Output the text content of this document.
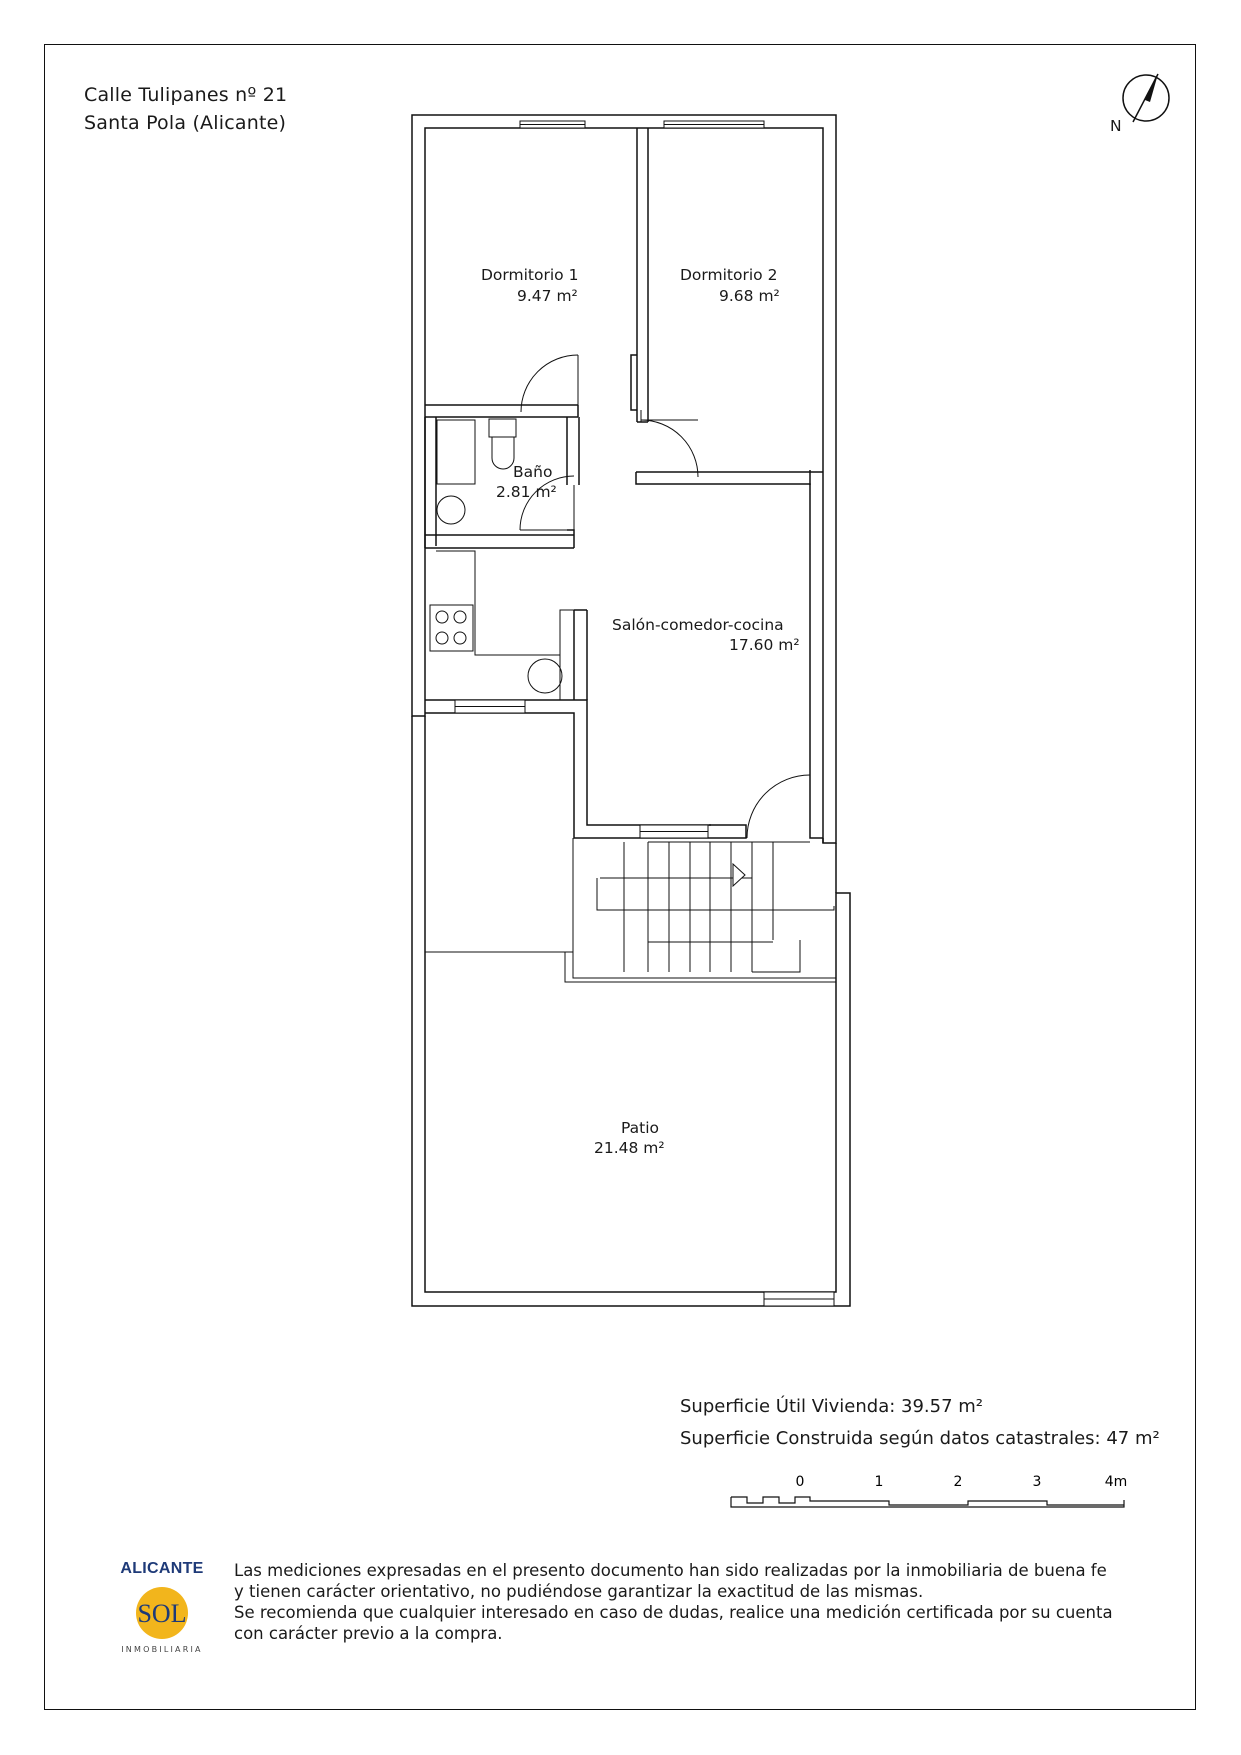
Calle Tulipanes nº 21
Santa Pola (Alicante)	N
Dormitorio 1
9.47 m²
Dormitorio 2
9.68 m²
Baño
2.81 m²
Salón-comedor-cocina
17.60 m²
Patio
21.48 m²
Superficie Útil Vivienda: 39.57 m²
Superficie Construida según datos catastrales: 47 m²
0	1	2	3	4m
ALICANTE
SOL
INMOBILIARIA
Las mediciones expresadas en el presento documento han sido realizadas por la inmobiliaria de buena fe
y tienen carácter orientativo, no pudiéndose garantizar la exactitud de las mismas.
Se recomienda que cualquier interesado en caso de dudas, realice una medición certificada por su cuenta
con carácter previo a la compra.
